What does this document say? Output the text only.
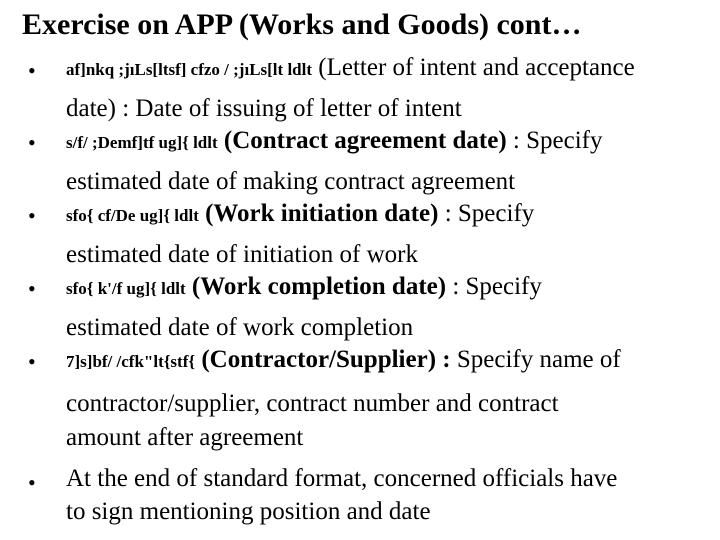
Exercise on APP (Works and Goods) cont…
• af]nkq ;jıLs[ltsf] cfzo / ;jıLs[lt ldlt (Letter of intent and acceptance
date) : Date of issuing of letter of intent
• s/f/ ;Demf]tf ug]{ ldlt (Contract agreement date) : Specify
estimated date of making contract agreement
• sfo{ cf/De ug]{ ldlt (Work initiation date) : Specify
estimated date of initiation of work
• sfo{ k'/f ug]{ ldlt (Work completion date) : Specify
estimated date of work completion
• 7]s]bf/ /cfk"lt{stf{ (Contractor/Supplier) : Specify name of
contractor/supplier, contract number and contract
amount after agreement
• At the end of standard format, concerned officials have
to sign mentioning position and date
